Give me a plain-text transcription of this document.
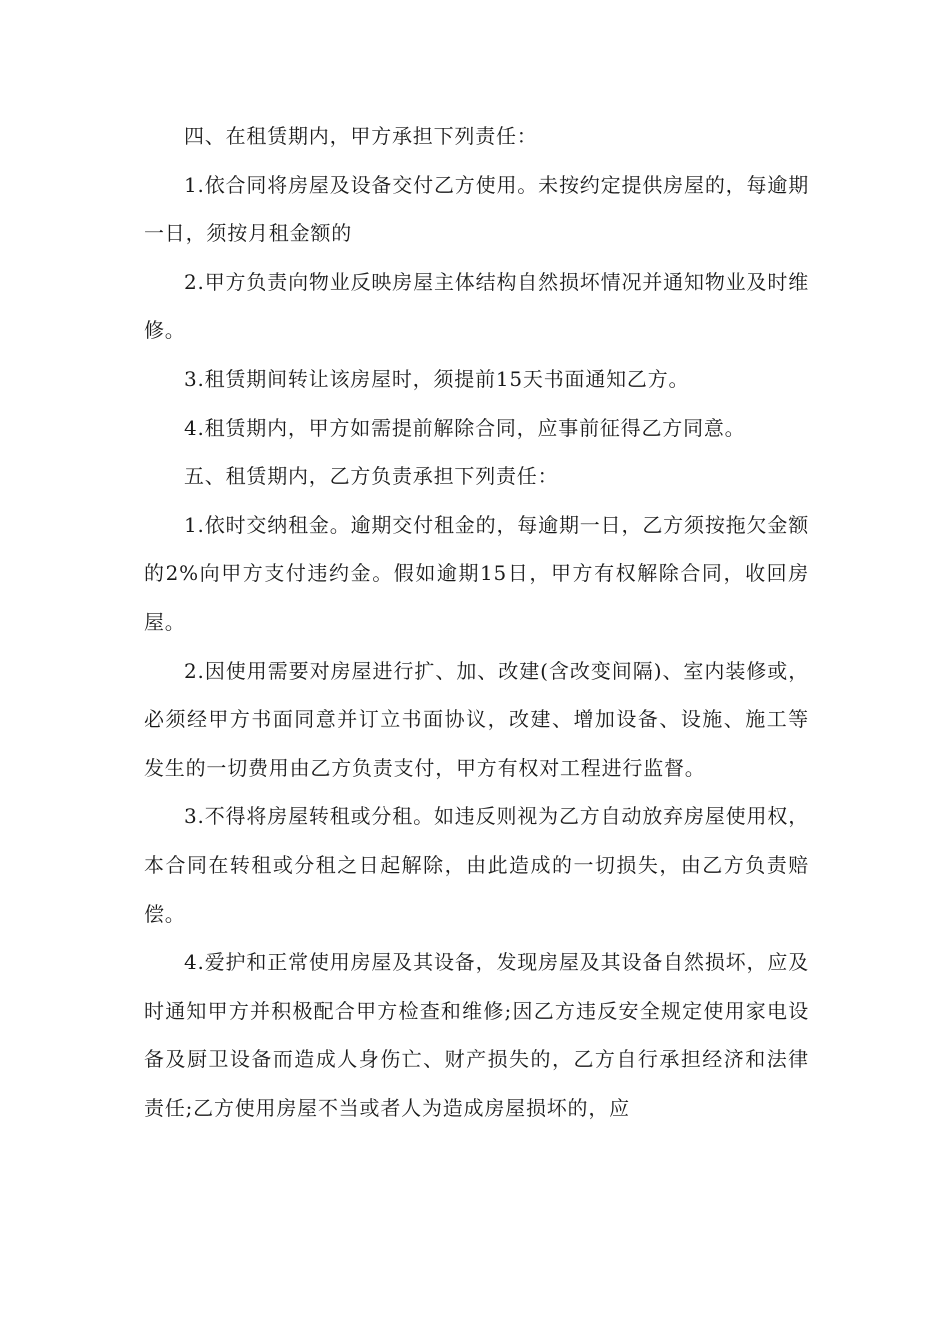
四、在租赁期内，甲方承担下列责任：

1.依合同将房屋及设备交付乙方使用。未按约定提供房屋的，每逾期一日，须按月租金额的

2.甲方负责向物业反映房屋主体结构自然损坏情况并通知物业及时维修。

3.租赁期间转让该房屋时，须提前15天书面通知乙方。

4.租赁期内，甲方如需提前解除合同，应事前征得乙方同意。

五、租赁期内，乙方负责承担下列责任：

1.依时交纳租金。逾期交付租金的，每逾期一日，乙方须按拖欠金额的2%向甲方支付违约金。假如逾期15日，甲方有权解除合同，收回房屋。

2.因使用需要对房屋进行扩、加、改建(含改变间隔)、室内装修或，必须经甲方书面同意并订立书面协议，改建、增加设备、设施、施工等发生的一切费用由乙方负责支付，甲方有权对工程进行监督。

3.不得将房屋转租或分租。如违反则视为乙方自动放弃房屋使用权，本合同在转租或分租之日起解除，由此造成的一切损失，由乙方负责赔偿。

4.爱护和正常使用房屋及其设备，发现房屋及其设备自然损坏，应及时通知甲方并积极配合甲方检查和维修;因乙方违反安全规定使用家电设备及厨卫设备而造成人身伤亡、财产损失的，乙方自行承担经济和法律责任;乙方使用房屋不当或者人为造成房屋损坏的，应
